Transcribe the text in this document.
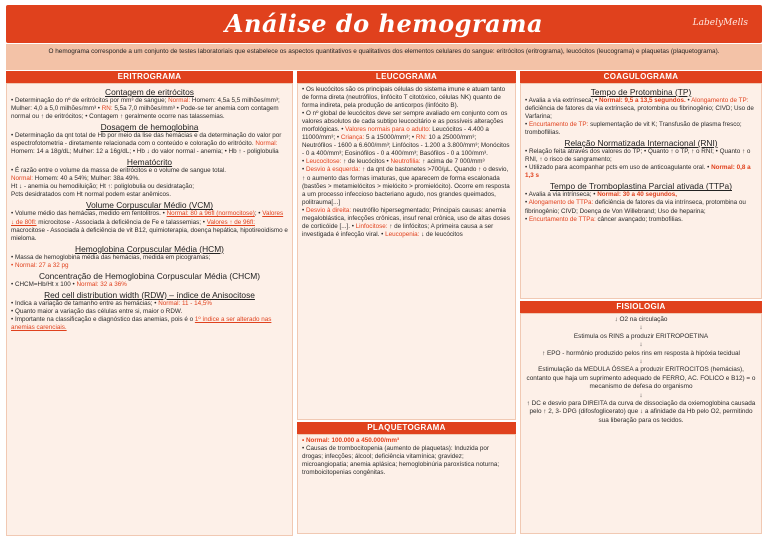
Análise do hemograma	LabelyMells
O hemograma corresponde a um conjunto de testes laboratoriais que estabelece os aspectos quantitativos e qualitativos dos elementos celulares do sangue: eritrócitos (eritrograma), leucócitos (leucograma) e plaquetas (plaquetograma).
ERITROGRAMA
Contagem de eritrócitos

• Determinação do nº de eritrócitos por mm³ de sangue; Normal: Homem: 4,5a 5,5 milhões/mm³; Mulher: 4,0 a 5,0 milhões/mm³ • RN: 5,5a 7,0 milhões/mm³ • Pode-se ter anemia com contagem normal ou ↑ de eritrócitos; • Contagem ↑ geralmente ocorre nas talassemias.

Dosagem de hemoglobina

• Determinação da qnt total de Hb por meio da lise das hemácias e da determinação do valor por espectrofotometria - diretamente relacionada com o conteúdo e coloração do eritrócito. Normal: Homem: 14 a 18g/dL; Mulher: 12 a 16g/dL; • Hb ↓ do valor normal - anemia; • Hb ↑ - poliglobulia

Hematócrito

• É razão entre o volume da massa de eritrócitos e o volume de sangue total.

Normal: Homem: 40 a 54%; Mulher: 38a 49%.

Ht ↓ - anemia ou hemodiluição; Ht ↑: poliglobulia ou desidratação;

Pcts desidratados com Ht normal podem estar anêmicos.

Volume Corpuscular Médio (VCM)

• Volume médio das hemácias, medido em fentolitros. • Normal: 80 a 96fl (normocitose); • Valores ↓ de 80fl: microcitose - Associada à deficiência de Fe e talassemias; • Valores ↑ de 96fl: macrocitose - Associada à deficiência de vit B12, quimioterapia, doença hepática, hipotireoidismo e mieloma.

Hemoglobina Corpuscular Média (HCM)

• Massa de hemoglobina média das hemácias, medida em picogramas;

• Normal: 27 a 32 pg

Concentração de Hemoglobina Corpuscular Média (CHCM)

• CHCM=Hb/Ht x 100 • Normal: 32 a 36%

Red cell distribution width (RDW) – índice de Anisocitose

• Indica a variação de tamanho entre as hemácias; • Normal: 11 - 14,5%

• Quanto maior a variação das células entre si, maior o RDW.

• Importante na classificação e diagnóstico das anemias, pois é o 1º índice a ser alterado nas anemias carenciais.

LEUCOGRAMA

• Os leucócitos são os principais células do sistema imune e atuam tanto de forma direta (neutrófilos, linfócito T citotóxico, células NK) quanto de forma indireta, pela produção de anticorpos (linfócito B).

• O nº global de leucócitos deve ser sempre avaliado em conjunto com os valores absolutos de cada subtipo leucocitário e as possíveis alterações morfológicas. • Valores normais para o adulto: Leucócitos - 4.400 a 11000/mm³; • Criança: 5 a 15000/mm³; • RN: 10 a 25000/mm³;

Neutrófilos - 1600 a 6.600/mm³; Linfócitos - 1.200 a 3.800/mm³; Monócitos - 0 a 400/mm³; Eosinófilos - 0 a 400/mm³; Basófilos - 0 a 100/mm³.

• Leucocitose: ↑ de leucócitos • Neutrofilia: ↑ acima de 7 000/mm³

• Desvio à esquerda: ↑ da qnt de bastonetes >700/µL. Quando ↑ o desvio, ↑ o aumento das formas imaturas, que aparecem de forma escalonada (bastões > metamielócitos > mielócito > promielócito). Ocorre em resposta a um processo infeccioso bacteriano agudo, nos grandes queimados, politrauma[...]

• Desvio à direita: neutrófilo hipersegmentado; Principais causas: anemia megaloblástica, infecções crônicas, insuf renal crônica, uso de altas doses de corticóide [...]. • Linfocitose: ↑ de linfócitos; A primeira causa a ser investigada é infecção viral. • Leucopenia: ↓ de leucócitos

PLAQUETOGRAMA

• Normal: 100.000 a 450.000/mm³

• Causas de trombocitopenia (aumento de plaquetas): Induzida por drogas; infecções; álcool; deficiência vitamínica; gravidez; microangiopatia; anemia aplásica; hemoglobinúria paroxística noturna; tromboicitopenias congênitas.

COAGULOGRAMA
Tempo de Protombina (TP)

• Avalia a via extrínseca; • Normal: 9,5 a 13,5 segundos. • Alongamento de TP: deficiência de fatores da via extrínseca, protombina ou fibrinogênio; CIVD; Uso de Varfarina;

• Encurtamento de TP: suplementação de vit K; Transfusão de plasma fresco; tromboflilias.

Relação Normatizada Internacional (RNI)

• Relação feita através dos valores do TP; • Quanto ↑ o TP, ↑ o RNI; • Quanto ↑ o RNI, ↑ o risco de sangramento;

• Utilizado para acompanhar pcts em uso de anticoagulante oral. • Normal: 0,8 a 1,3 s

Tempo de Tromboplastina Parcial ativada (TTPa)

• Avalia a via intrínseca; • Normal: 30 a 40 segundos,

• Alongamento de TTPa: deficiência de fatores da via intrínseca, protombina ou fibrinogênio; CIVD; Doença de Von Willebrand; Uso de heparina;

• Encurtamento de TTPa: câncer avançado; trombofilias.

FISIOLOGIA

↓ O2 na circulação

↓

Estimula os RINS a produzir ERITROPOETINA

↓

↑ EPO - hormônio produzido pelos rins em resposta à hipóxia tecidual

↓

Estimulação da MEDULA ÓSSEA a produzir ERITROCITOS (hemácias), contanto que haja um suprimento adequado de FERRO, AC. FOLICO e B12) = o mecanismo de defesa do organismo

↓

↑ DC e desvio para DIREITA da curva de dissociação da oxiemoglobina causada pelo ↑ 2, 3- DPG (difosfoglicerato) que ↓ a afinidade da Hb pelo O2, permitindo sua liberação para os tecidos.
